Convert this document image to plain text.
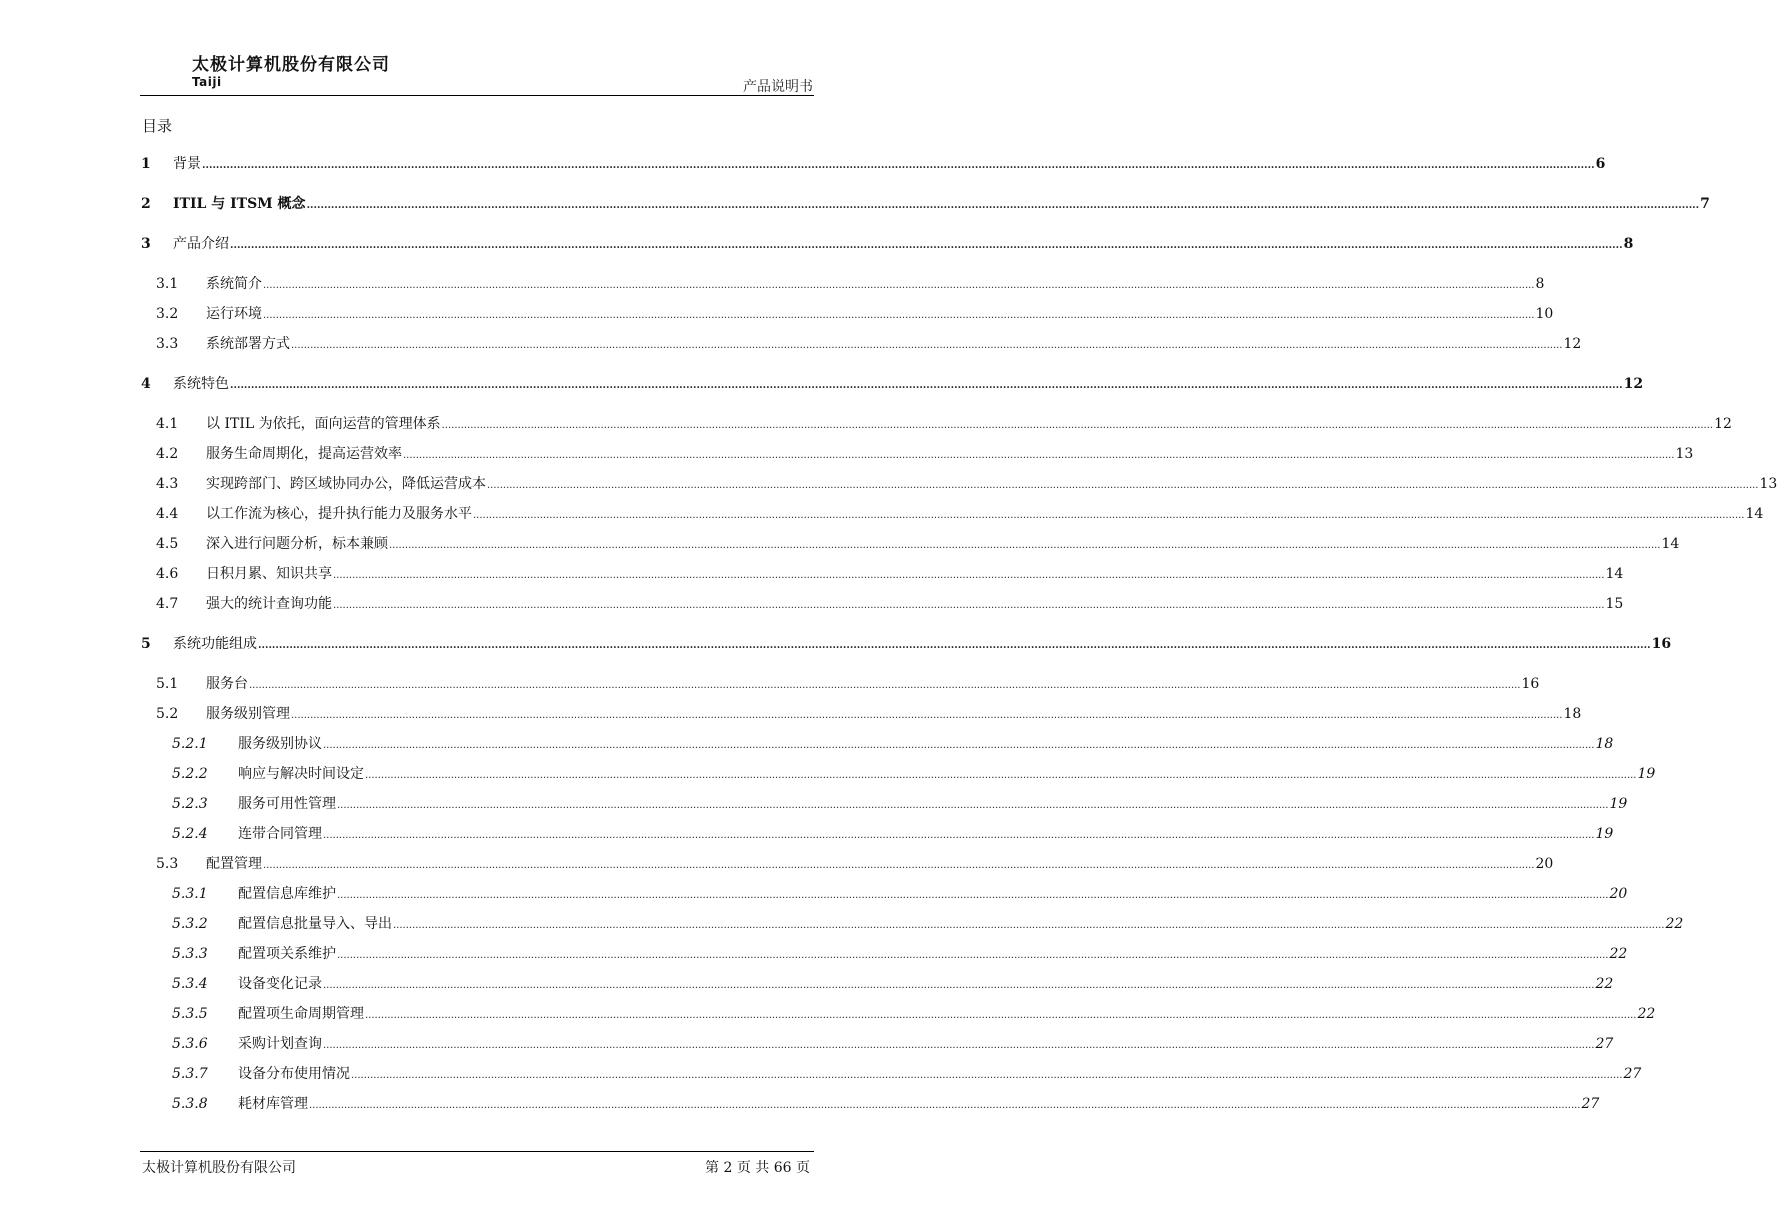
太极计算机股份有限公司
Taiji	产品说明书
目录
1	背景 ................................................................................................................................................................................................................................................................................................................................................................................................................ 6
2	ITIL 与 ITSM 概念 ................................................................................................................................................................................................................................................................................................................................................................................................................ 7
3	产品介绍 ................................................................................................................................................................................................................................................................................................................................................................................................................ 8
3.1	系统简介 ................................................................................................................................................................................................................................................................................................................................................................................................................ 8
3.2	运行环境 ................................................................................................................................................................................................................................................................................................................................................................................................................ 10
3.3	系统部署方式 ................................................................................................................................................................................................................................................................................................................................................................................................................ 12
4	系统特色 ................................................................................................................................................................................................................................................................................................................................................................................................................ 12
4.1	以 ITIL 为依托，面向运营的管理体系 ................................................................................................................................................................................................................................................................................................................................................................................................................ 12
4.2	服务生命周期化，提高运营效率 ................................................................................................................................................................................................................................................................................................................................................................................................................ 13
4.3	实现跨部门、跨区域协同办公，降低运营成本 ................................................................................................................................................................................................................................................................................................................................................................................................................ 13
4.4	以工作流为核心，提升执行能力及服务水平 ................................................................................................................................................................................................................................................................................................................................................................................................................ 14
4.5	深入进行问题分析，标本兼顾 ................................................................................................................................................................................................................................................................................................................................................................................................................ 14
4.6	日积月累、知识共享 ................................................................................................................................................................................................................................................................................................................................................................................................................ 14
4.7	强大的统计查询功能 ................................................................................................................................................................................................................................................................................................................................................................................................................ 15
5	系统功能组成 ................................................................................................................................................................................................................................................................................................................................................................................................................ 16
5.1	服务台 ................................................................................................................................................................................................................................................................................................................................................................................................................ 16
5.2	服务级别管理 ................................................................................................................................................................................................................................................................................................................................................................................................................ 18
5.2.1	服务级别协议 ................................................................................................................................................................................................................................................................................................................................................................................................................ 18
5.2.2	响应与解决时间设定 ................................................................................................................................................................................................................................................................................................................................................................................................................ 19
5.2.3	服务可用性管理 ................................................................................................................................................................................................................................................................................................................................................................................................................ 19
5.2.4	连带合同管理 ................................................................................................................................................................................................................................................................................................................................................................................................................ 19
5.3	配置管理 ................................................................................................................................................................................................................................................................................................................................................................................................................ 20
5.3.1	配置信息库维护 ................................................................................................................................................................................................................................................................................................................................................................................................................ 20
5.3.2	配置信息批量导入、导出 ................................................................................................................................................................................................................................................................................................................................................................................................................ 22
5.3.3	配置项关系维护 ................................................................................................................................................................................................................................................................................................................................................................................................................ 22
5.3.4	设备变化记录 ................................................................................................................................................................................................................................................................................................................................................................................................................ 22
5.3.5	配置项生命周期管理 ................................................................................................................................................................................................................................................................................................................................................................................................................ 22
5.3.6	采购计划查询 ................................................................................................................................................................................................................................................................................................................................................................................................................ 27
5.3.7	设备分布使用情况 ................................................................................................................................................................................................................................................................................................................................................................................................................ 27
5.3.8	耗材库管理 ................................................................................................................................................................................................................................................................................................................................................................................................................ 27
太极计算机股份有限公司	第 2 页 共 66 页
